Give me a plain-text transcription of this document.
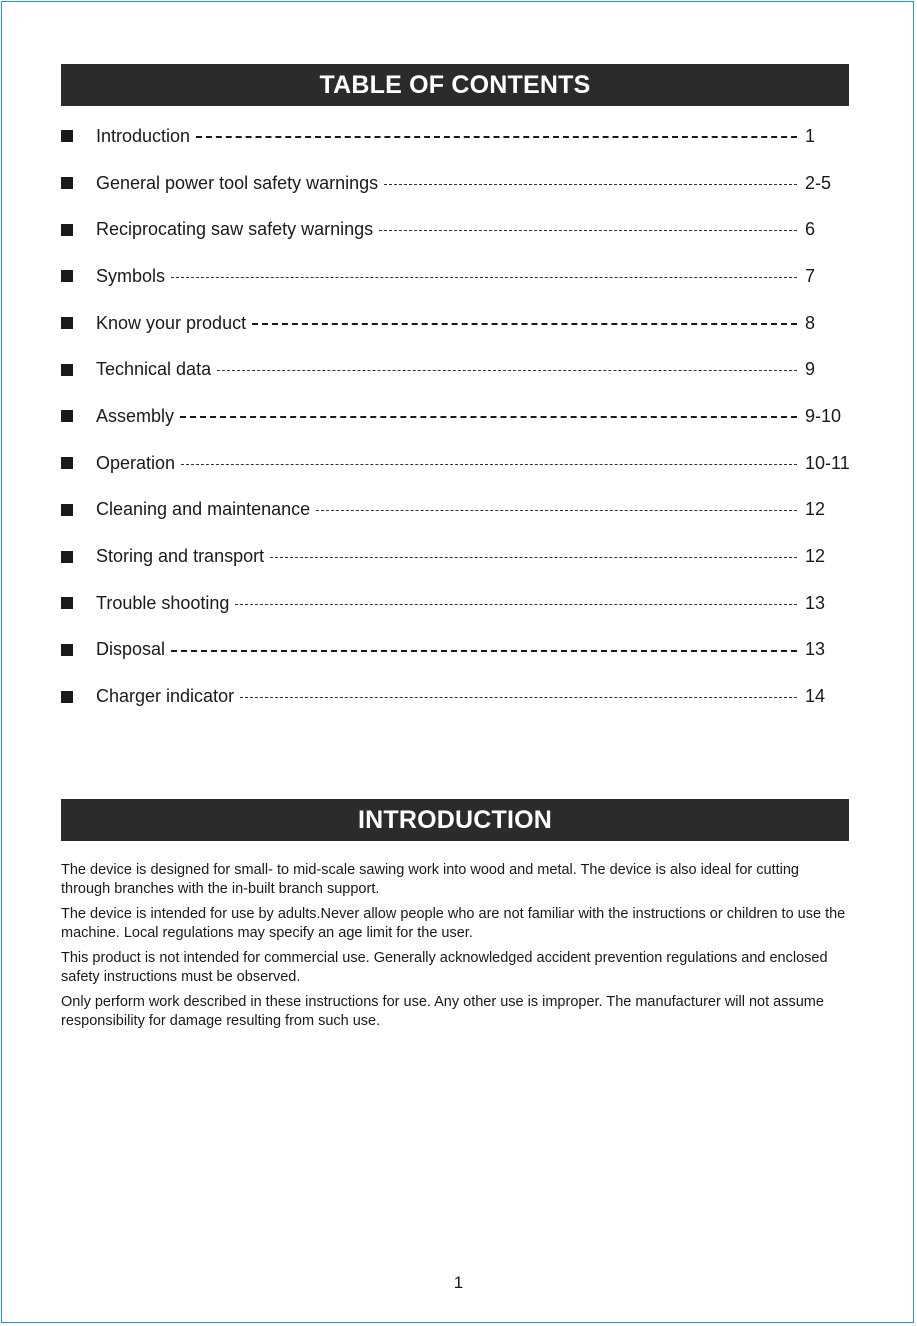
TABLE OF CONTENTS
Introduction	1
General power tool safety warnings	2-5
Reciprocating saw safety warnings	6
Symbols	7
Know your product	8
Technical data	9
Assembly	9-10
Operation	10-11
Cleaning and maintenance	12
Storing and transport	12
Trouble shooting	13
Disposal	13
Charger indicator	14
INTRODUCTION

The device is designed for small- to mid-scale sawing work into wood and metal. The device is also ideal for cutting through branches with the in-built branch support.

The device is intended for use by adults.Never allow people who are not familiar with the instructions or children to use the machine. Local regulations may specify an age limit for the user.

This product is not intended for commercial use. Generally acknowledged accident prevention regulations and enclosed safety instructions must be observed.

Only perform work described in these instructions for use. Any other use is improper. The manufacturer will not assume responsibility for damage resulting from such use.

1
